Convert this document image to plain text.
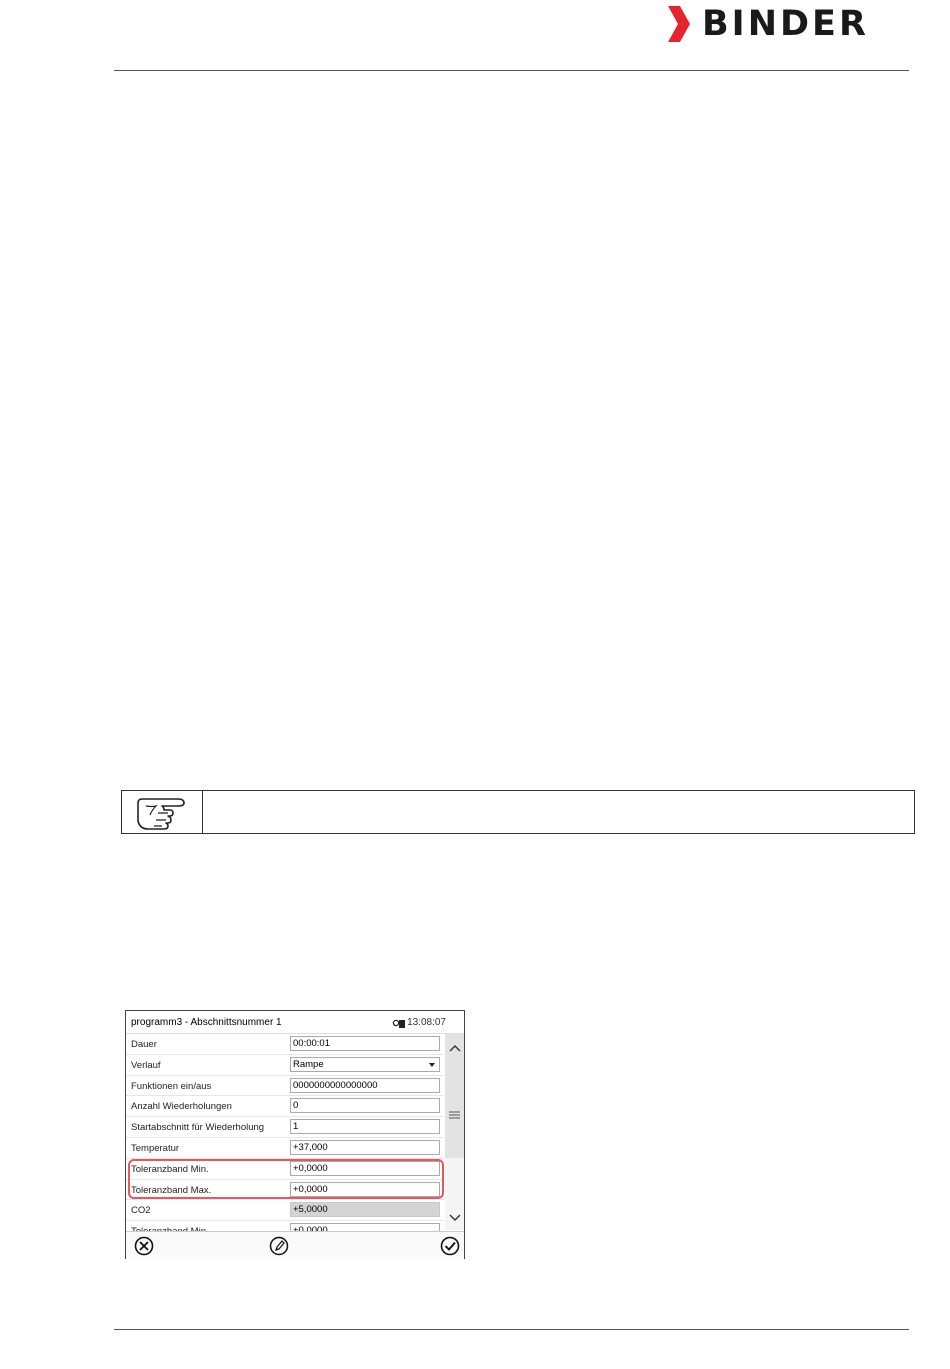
BINDER
programm3 - Abschnittsnummer 1	13:08:07
Dauer	00:00:01
Verlauf	Rampe
Funktionen ein/aus	0000000000000000
Anzahl Wiederholungen	0
Startabschnitt für Wiederholung	1
Temperatur	+37,000
Toleranzband Min.	+0,0000
Toleranzband Max.	+0,0000
CO2	+5,0000
